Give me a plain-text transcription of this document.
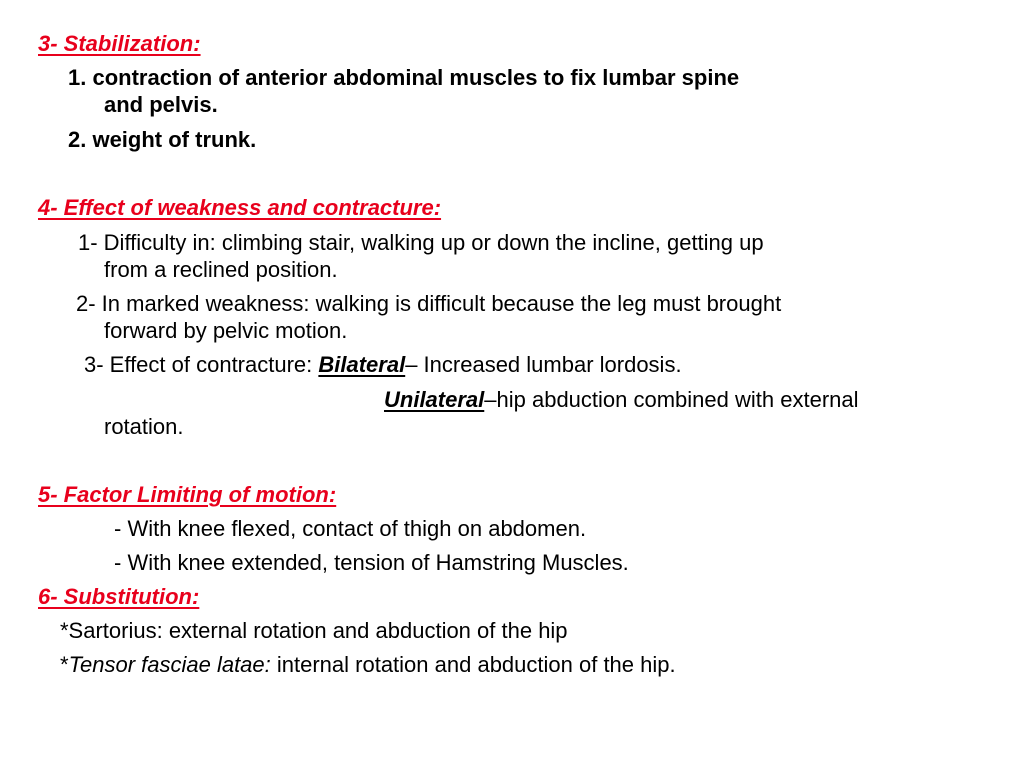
3- Stabilization:
1. contraction of anterior abdominal muscles to fix lumbar spine
and pelvis.
2. weight of trunk.
4- Effect of weakness and contracture:
1- Difficulty in: climbing stair, walking up or down the incline, getting up
from a reclined position.
2- In marked weakness: walking is difficult because the leg must brought
forward by pelvic motion.
3- Effect of contracture: Bilateral– Increased lumbar lordosis.
Unilateral–hip abduction combined with external
rotation.
5- Factor Limiting of motion:
- With knee flexed, contact of thigh on abdomen.
- With knee extended, tension of Hamstring Muscles.
6- Substitution:
*Sartorius: external rotation and abduction of the hip
*Tensor fasciae latae: internal rotation and abduction of the hip.
